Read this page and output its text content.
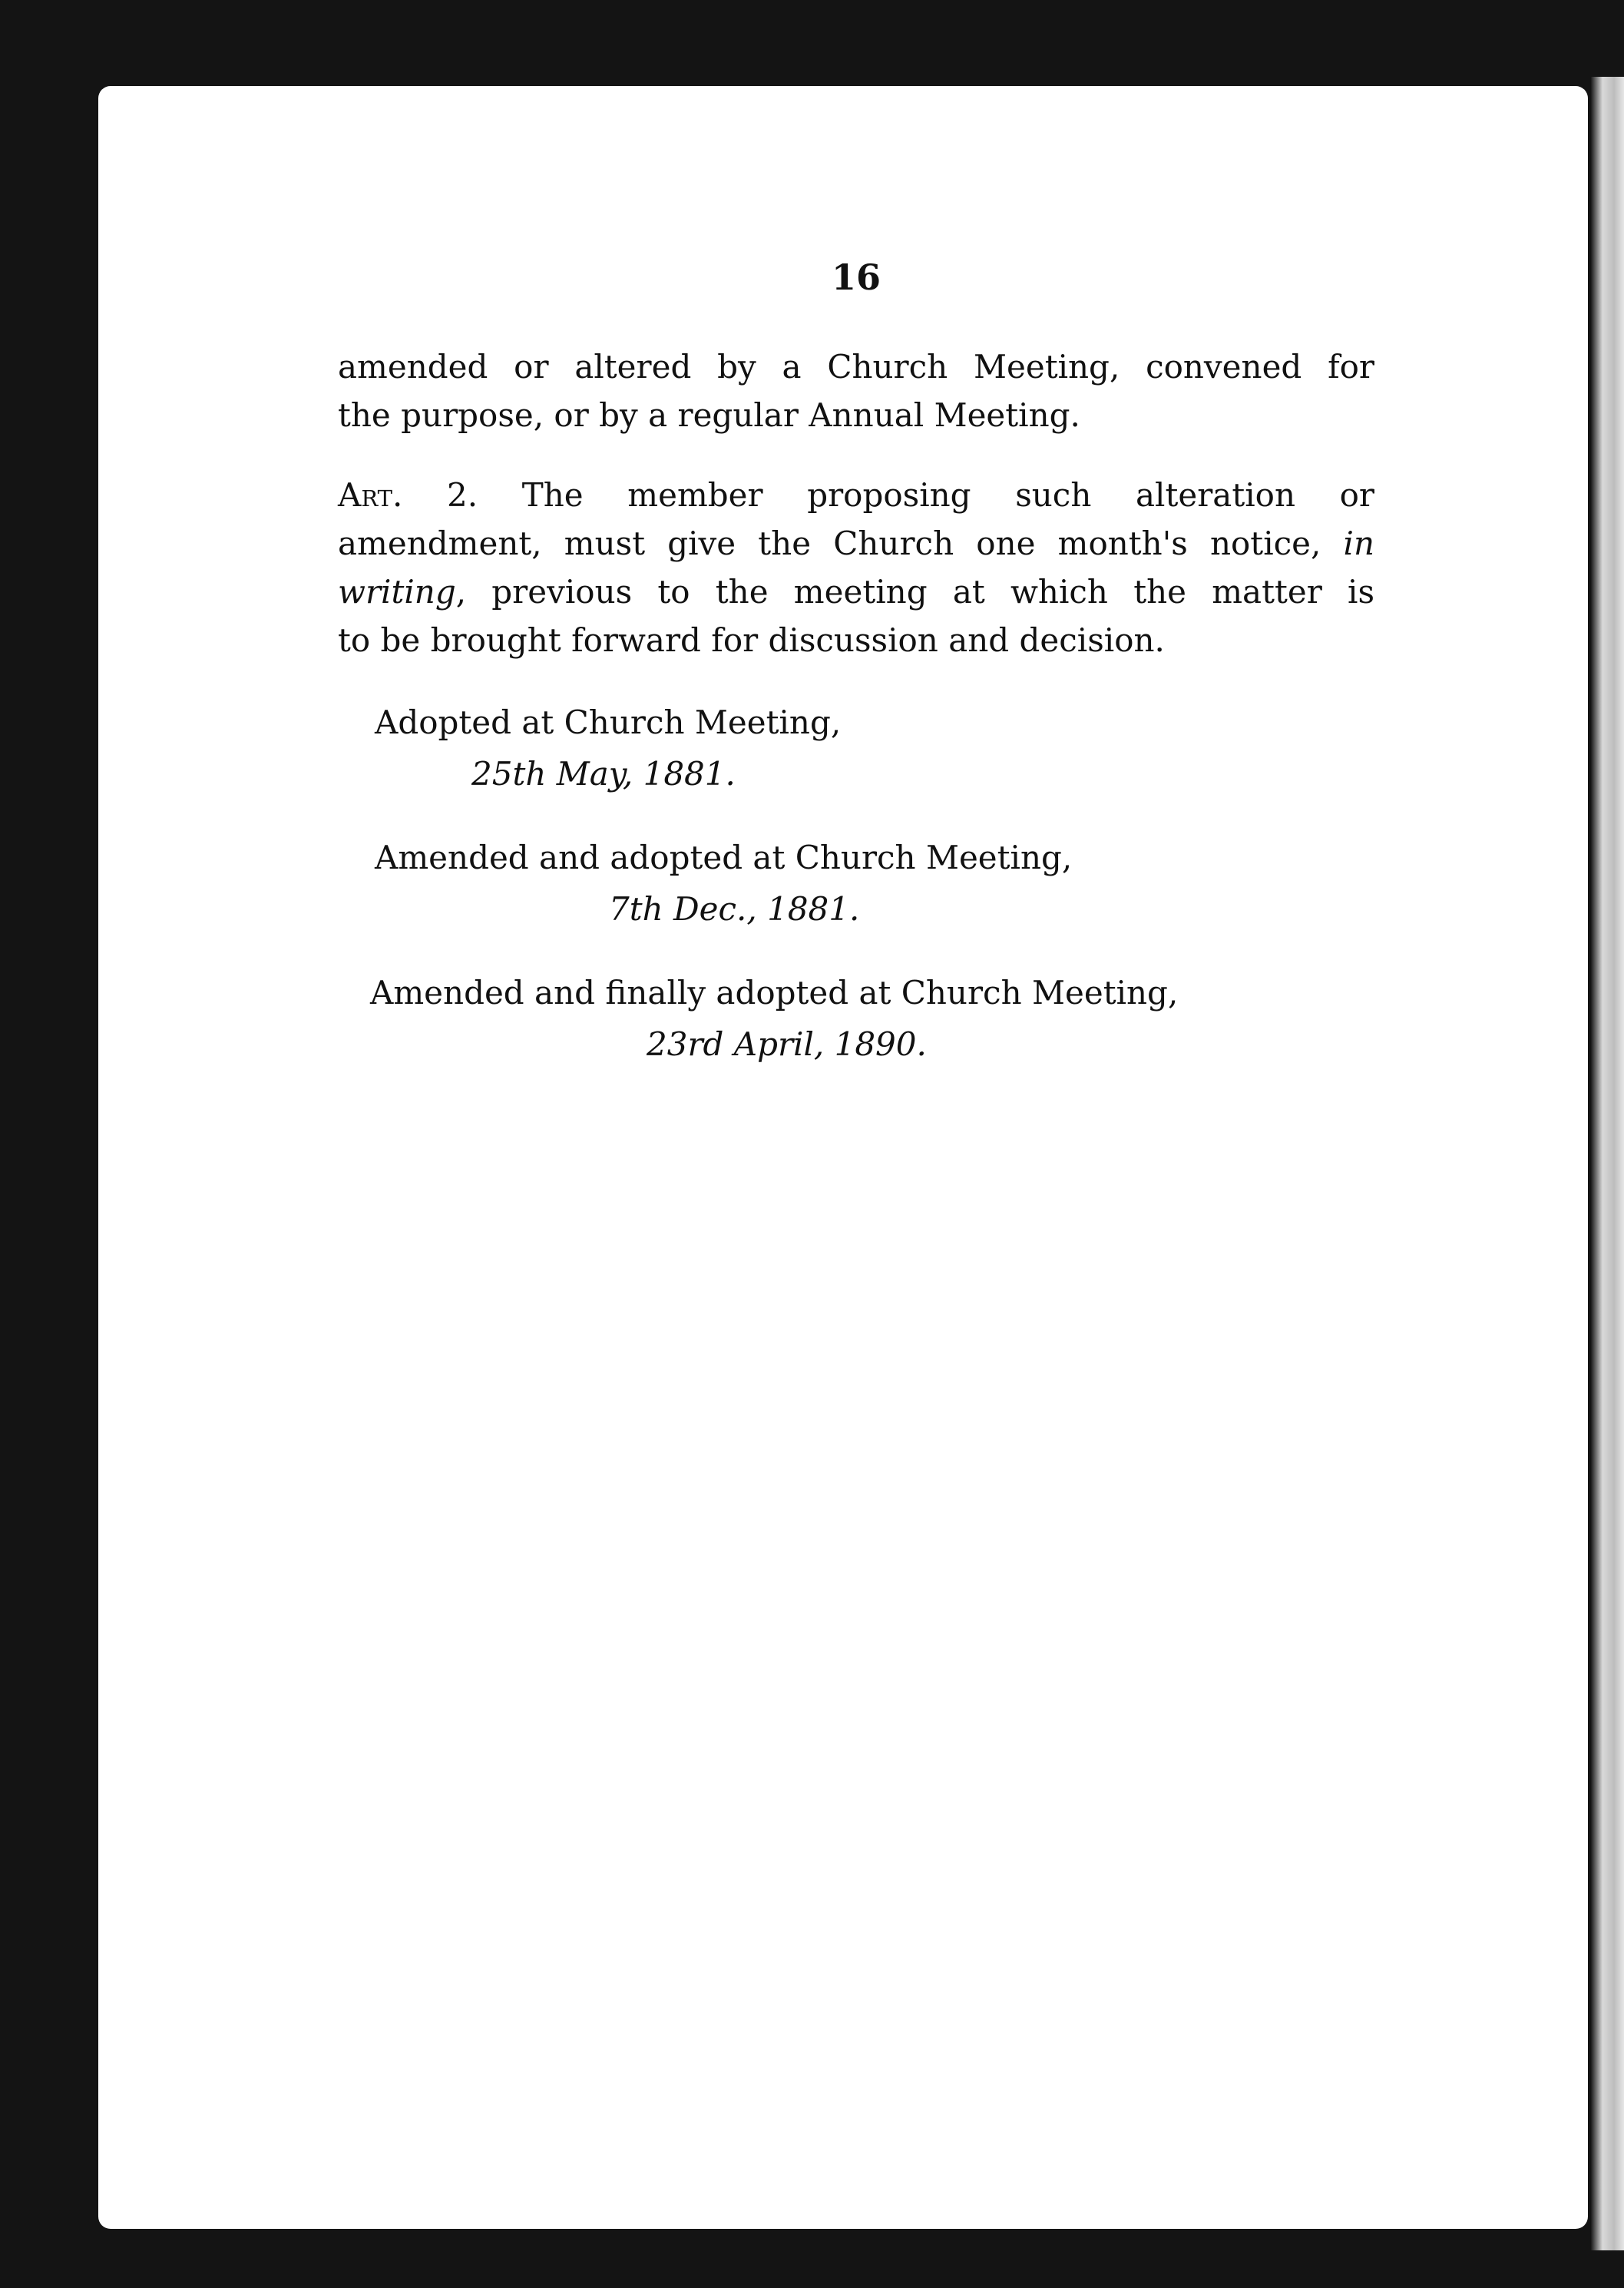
16

amended or altered by a Church Meeting, convened for
the purpose, or by a regular Annual Meeting.

Art. 2. The member proposing such alteration or
amendment, must give the Church one month's notice, in
writing, previous to the meeting at which the matter is
to be brought forward for discussion and decision.

Adopted at Church Meeting,
25th May, 1881.
Amended and adopted at Church Meeting,
7th Dec., 1881.
Amended and finally adopted at Church Meeting,
23rd April, 1890.
